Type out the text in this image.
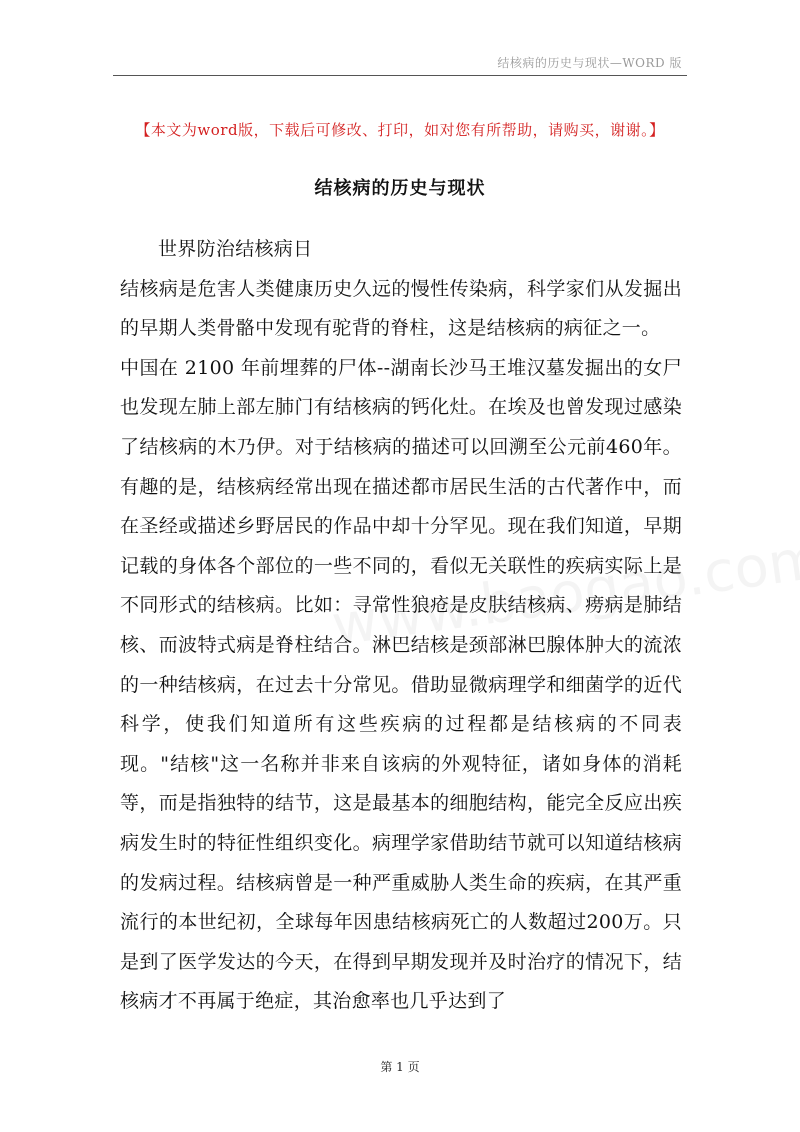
结核病的历史与现状—WORD 版
【本文为word版，下载后可修改、打印，如对您有所帮助，请购买，谢谢。】
结核病的历史与现状

世界防治结核病日

结核病是危害人类健康历史久远的慢性传染病，科学家们从发掘出的早期人类骨骼中发现有驼背的脊柱，这是结核病的病征之一。

中国在 2100 年前埋葬的尸体--湖南长沙马王堆汉墓发掘出的女尸也发现左肺上部左肺门有结核病的钙化灶。在埃及也曾发现过感染了结核病的木乃伊。对于结核病的描述可以回溯至公元前460年。有趣的是，结核病经常出现在描述都市居民生活的古代著作中，而在圣经或描述乡野居民的作品中却十分罕见。现在我们知道，早期记载的身体各个部位的一些不同的，看似无关联性的疾病实际上是不同形式的结核病。比如：寻常性狼疮是皮肤结核病、痨病是肺结核、而波特式病是脊柱结合。淋巴结核是颈部淋巴腺体肿大的流浓的一种结核病，在过去十分常见。借助显微病理学和细菌学的近代科学，使我们知道所有这些疾病的过程都是结核病的不同表现。"结核"这一名称并非来自该病的外观特征，诸如身体的消耗等，而是指独特的结节，这是最基本的细胞结构，能完全反应出疾病发生时的特征性组织变化。病理学家借助结节就可以知道结核病的发病过程。结核病曾是一种严重威胁人类生命的疾病，在其严重流行的本世纪初，全球每年因患结核病死亡的人数超过200万。只是到了医学发达的今天，在得到早期发现并及时治疗的情况下，结核病才不再属于绝症，其治愈率也几乎达到了

第 1 页
